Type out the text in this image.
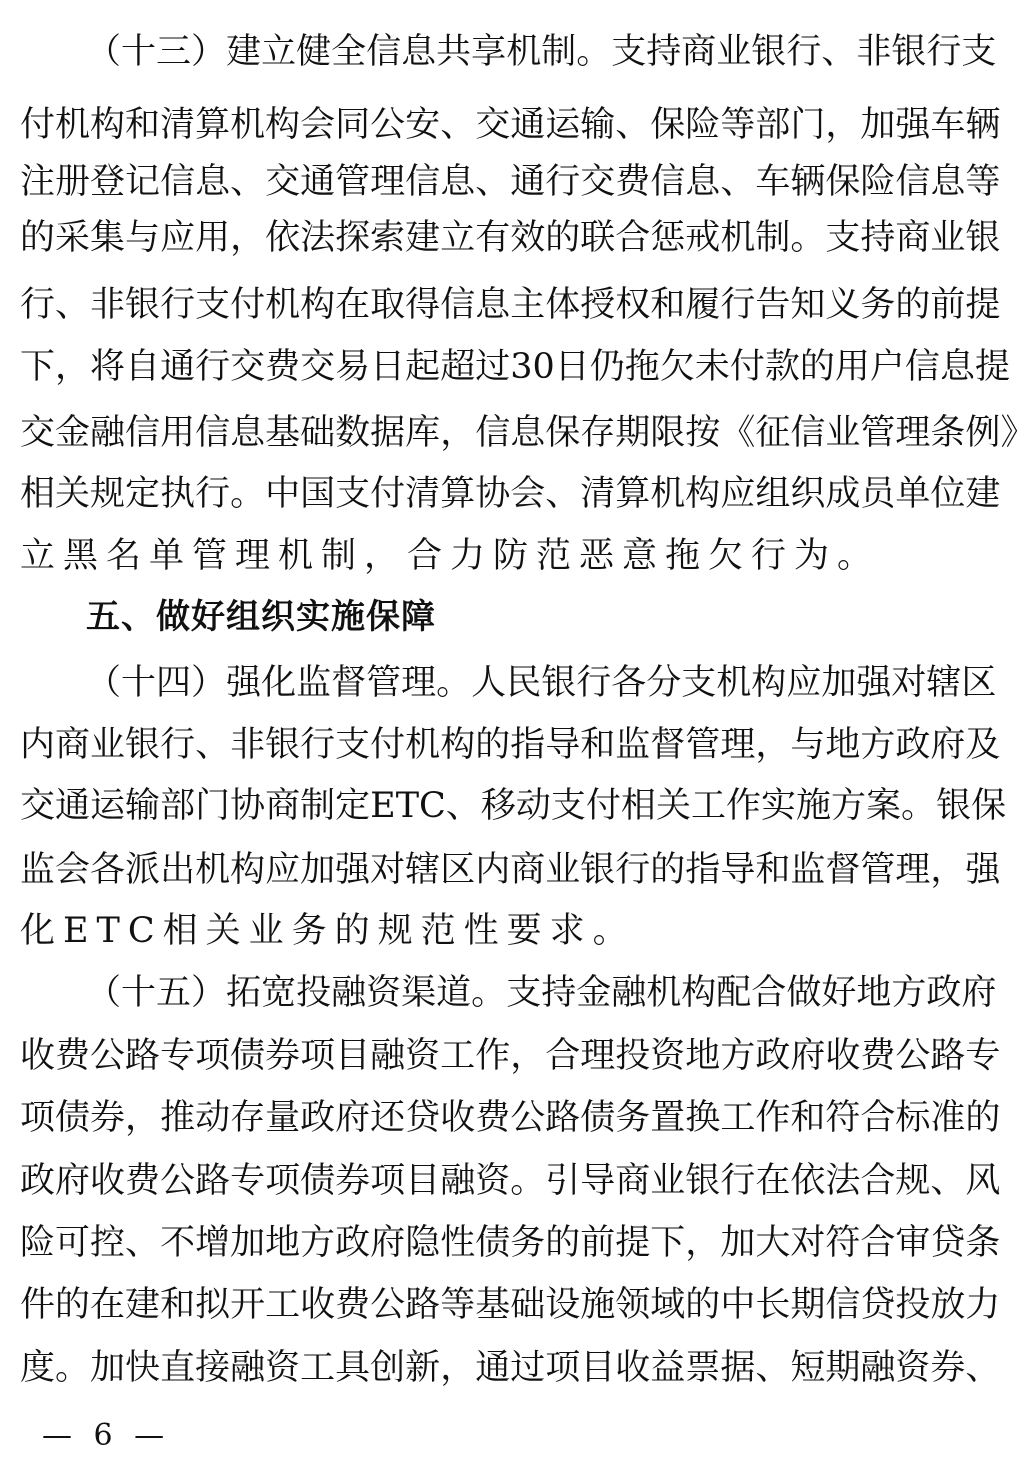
（ 十 三 ） 建 立 健 全 信 息 共 享 机 制 。 支 持 商 业 银 行 、 非 银 行 支
付 机 构 和 清 算 机 构 会 同 公 安 、 交 通 运 输 、 保 险 等 部 门 ， 加 强 车 辆
注 册 登 记 信 息 、 交 通 管 理 信 息 、 通 行 交 费 信 息 、 车 辆 保 险 信 息 等
的 采 集 与 应 用 ， 依 法 探 索 建 立 有 效 的 联 合 惩 戒 机 制 。 支 持 商 业 银
行 、 非 银 行 支 付 机 构 在 取 得 信 息 主 体 授 权 和 履 行 告 知 义 务 的 前 提
下 ， 将 自 通 行 交 费 交 易 日 起 超 过 30 日 仍 拖 欠 未 付 款 的 用 户 信 息 提
交 金 融 信 用 信 息 基 础 数 据 库 ， 信 息 保 存 期 限 按 《 征 信 业 管 理 条 例 》
相 关 规 定 执 行 。 中 国 支 付 清 算 协 会 、 清 算 机 构 应 组 织 成 员 单 位 建
立黑名单管理机制，合力防范恶意拖欠行为。
五、做好组织实施保障
（ 十 四 ） 强 化 监 督 管 理 。 人 民 银 行 各 分 支 机 构 应 加 强 对 辖 区
内 商 业 银 行 、 非 银 行 支 付 机 构 的 指 导 和 监 督 管 理 ， 与 地 方 政 府 及
交 通 运 输 部 门 协 商 制 定 ETC 、 移 动 支 付 相 关 工 作 实 施 方 案 。 银 保
监 会 各 派 出 机 构 应 加 强 对 辖 区 内 商 业 银 行 的 指 导 和 监 督 管 理 ， 强
化ETC相关业务的规范性要求。
（ 十 五 ） 拓 宽 投 融 资 渠 道 。 支 持 金 融 机 构 配 合 做 好 地 方 政 府
收 费 公 路 专 项 债 券 项 目 融 资 工 作 ， 合 理 投 资 地 方 政 府 收 费 公 路 专
项 债 券 ， 推 动 存 量 政 府 还 贷 收 费 公 路 债 务 置 换 工 作 和 符 合 标 准 的
政 府 收 费 公 路 专 项 债 券 项 目 融 资 。 引 导 商 业 银 行 在 依 法 合 规 、 风
险 可 控 、 不 增 加 地 方 政 府 隐 性 债 务 的 前 提 下 ， 加 大 对 符 合 审 贷 条
件 的 在 建 和 拟 开 工 收 费 公 路 等 基 础 设 施 领 域 的 中 长 期 信 贷 投 放 力
度 。 加 快 直 接 融 资 工 具 创 新 ， 通 过 项 目 收 益 票 据 、 短 期 融 资 券 、
— 6 —
